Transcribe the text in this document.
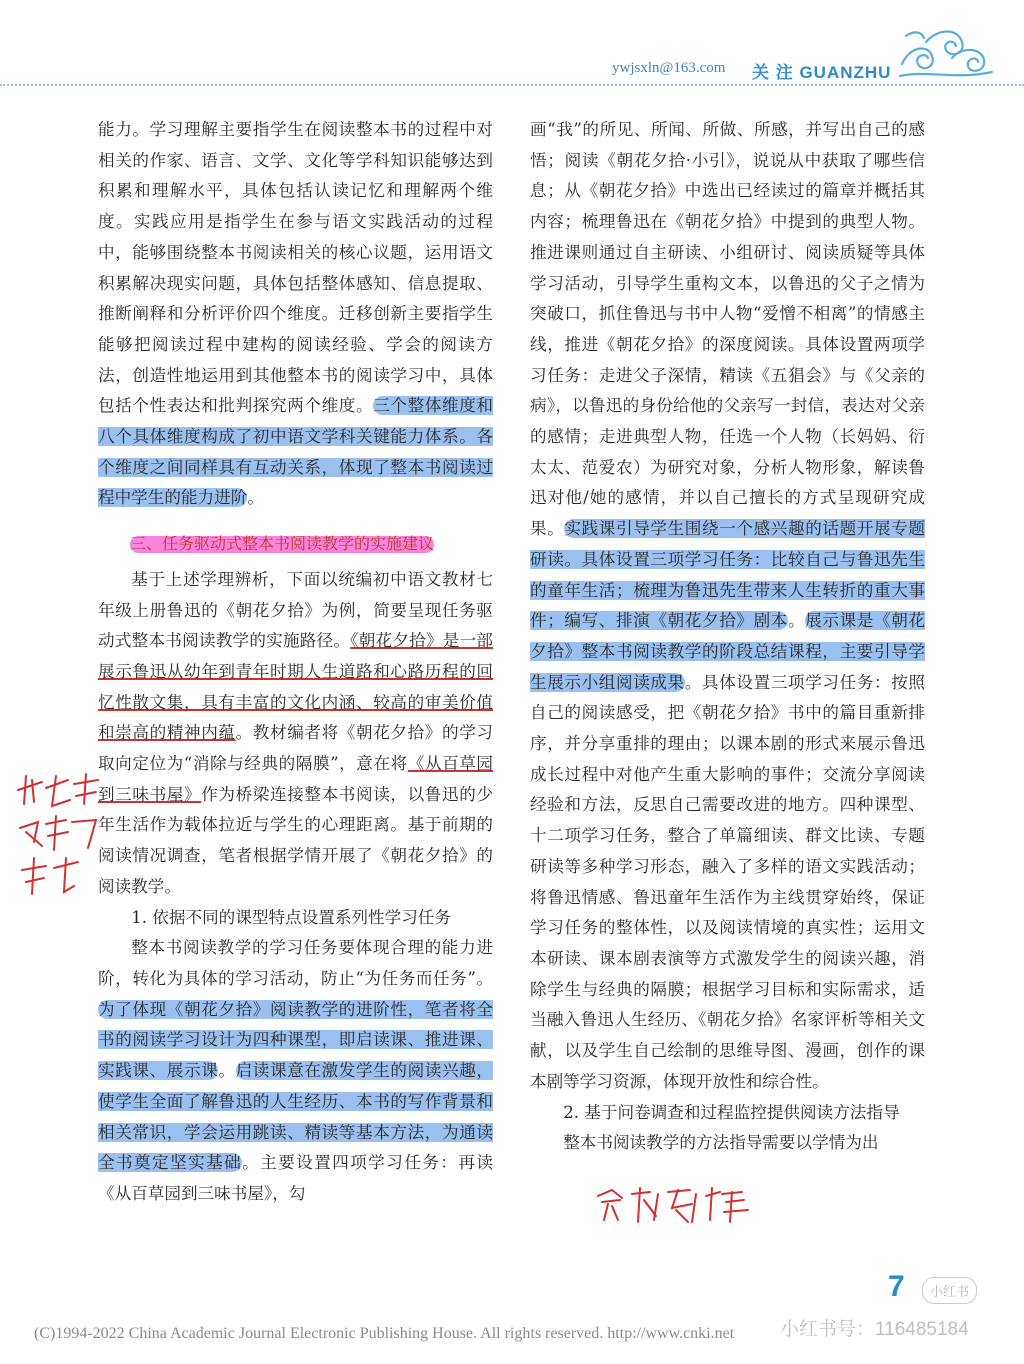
ywjsxln@163.com 关 注 GUANZHU

能力。学习理解主要指学生在阅读整本书的过程中对相关的作家、语言、文学、文化等学科知识能够达到积累和理解水平，具体包括认读记忆和理解两个维度。实践应用是指学生在参与语文实践活动的过程中，能够围绕整本书阅读相关的核心议题，运用语文积累解决现实问题，具体包括整体感知、信息提取、推断阐释和分析评价四个维度。迁移创新主要指学生能够把阅读过程中建构的阅读经验、学会的阅读方法，创造性地运用到其他整本书的阅读学习中，具体包括个性表达和批判探究两个维度。三个整体维度和八个具体维度构成了初中语文学科关键能力体系。各个维度之间同样具有互动关系，体现了整本书阅读过程中学生的能力进阶。

三、任务驱动式整本书阅读教学的实施建议

基于上述学理辨析，下面以统编初中语文教材七年级上册鲁迅的《朝花夕拾》为例，简要呈现任务驱动式整本书阅读教学的实施路径。《朝花夕拾》是一部展示鲁迅从幼年到青年时期人生道路和心路历程的回忆性散文集，具有丰富的文化内涵、较高的审美价值和崇高的精神内蕴。教材编者将《朝花夕拾》的学习取向定位为“消除与经典的隔膜”，意在将《从百草园到三味书屋》作为桥梁连接整本书阅读，以鲁迅的少年生活作为载体拉近与学生的心理距离。基于前期的阅读情况调查，笔者根据学情开展了《朝花夕拾》的阅读教学。

1. 依据不同的课型特点设置系列性学习任务

整本书阅读教学的学习任务要体现合理的能力进阶，转化为具体的学习活动，防止“为任务而任务”。为了体现《朝花夕拾》阅读教学的进阶性，笔者将全书的阅读学习设计为四种课型，即启读课、推进课、实践课、展示课。启读课意在激发学生的阅读兴趣，使学生全面了解鲁迅的人生经历、本书的写作背景和相关常识，学会运用跳读、精读等基本方法，为通读全书奠定坚实基础。主要设置四项学习任务：再读《从百草园到三味书屋》，勾

画“我”的所见、所闻、所做、所感，并写出自己的感悟；阅读《朝花夕拾·小引》，说说从中获取了哪些信息；从《朝花夕拾》中选出已经读过的篇章并概括其内容；梳理鲁迅在《朝花夕拾》中提到的典型人物。推进课则通过自主研读、小组研讨、阅读质疑等具体学习活动，引导学生重构文本，以鲁迅的父子之情为突破口，抓住鲁迅与书中人物“爱憎不相离”的情感主线，推进《朝花夕拾》的深度阅读。具体设置两项学习任务：走进父子深情，精读《五猖会》与《父亲的病》，以鲁迅的身份给他的父亲写一封信，表达对父亲的感情；走进典型人物，任选一个人物（长妈妈、衍太太、范爱农）为研究对象，分析人物形象，解读鲁迅对他/她的感情，并以自己擅长的方式呈现研究成果。实践课引导学生围绕一个感兴趣的话题开展专题研读。具体设置三项学习任务：比较自己与鲁迅先生的童年生活；梳理为鲁迅先生带来人生转折的重大事件；编写、排演《朝花夕拾》剧本。展示课是《朝花夕拾》整本书阅读教学的阶段总结课程，主要引导学生展示小组阅读成果。具体设置三项学习任务：按照自己的阅读感受，把《朝花夕拾》书中的篇目重新排序，并分享重排的理由；以课本剧的形式来展示鲁迅成长过程中对他产生重大影响的事件；交流分享阅读经验和方法，反思自己需要改进的地方。四种课型、十二项学习任务，整合了单篇细读、群文比读、专题研读等多种学习形态，融入了多样的语文实践活动；将鲁迅情感、鲁迅童年生活作为主线贯穿始终，保证学习任务的整体性，以及阅读情境的真实性；运用文本研读、课本剧表演等方式激发学生的阅读兴趣，消除学生与经典的隔膜；根据学习目标和实际需求，适当融入鲁迅人生经历、《朝花夕拾》名家评析等相关文献，以及学生自己绘制的思维导图、漫画，创作的课本剧等学习资源，体现开放性和综合性。

2. 基于问卷调查和过程监控提供阅读方法指导

整本书阅读教学的方法指导需要以学情为出

7	小红书
小红书号：116485184
(C)1994-2022 China Academic Journal Electronic Publishing House. All rights reserved. http://www.cnki.net
